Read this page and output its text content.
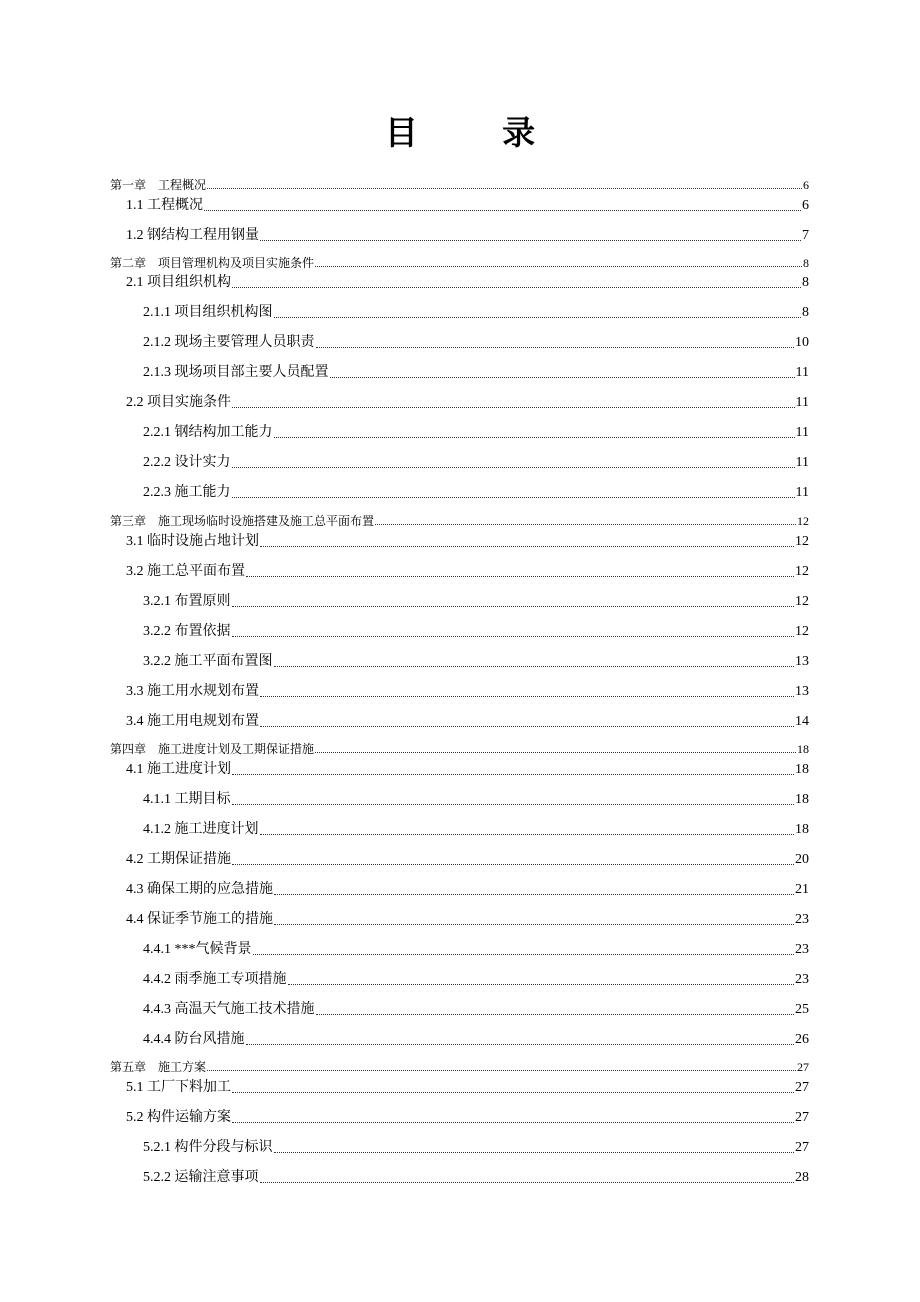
目 录
第一章　工程概况	6
1.1 工程概况	6
1.2 钢结构工程用钢量	7
第二章　项目管理机构及项目实施条件	8
2.1 项目组织机构	8
2.1.1 项目组织机构图	8
2.1.2 现场主要管理人员职责	10
2.1.3 现场项目部主要人员配置	11
2.2 项目实施条件	11
2.2.1 钢结构加工能力	11
2.2.2 设计实力	11
2.2.3 施工能力	11
第三章　施工现场临时设施搭建及施工总平面布置	12
3.1 临时设施占地计划	12
3.2 施工总平面布置	12
3.2.1 布置原则	12
3.2.2 布置依据	12
3.2.2 施工平面布置图	13
3.3 施工用水规划布置	13
3.4 施工用电规划布置	14
第四章　施工进度计划及工期保证措施	18
4.1 施工进度计划	18
4.1.1 工期目标	18
4.1.2 施工进度计划	18
4.2 工期保证措施	20
4.3 确保工期的应急措施	21
4.4 保证季节施工的措施	23
4.4.1 ***气候背景	23
4.4.2 雨季施工专项措施	23
4.4.3 高温天气施工技术措施	25
4.4.4 防台风措施	26
第五章　施工方案	27
5.1 工厂下料加工	27
5.2 构件运输方案	27
5.2.1 构件分段与标识	27
5.2.2 运输注意事项	28
